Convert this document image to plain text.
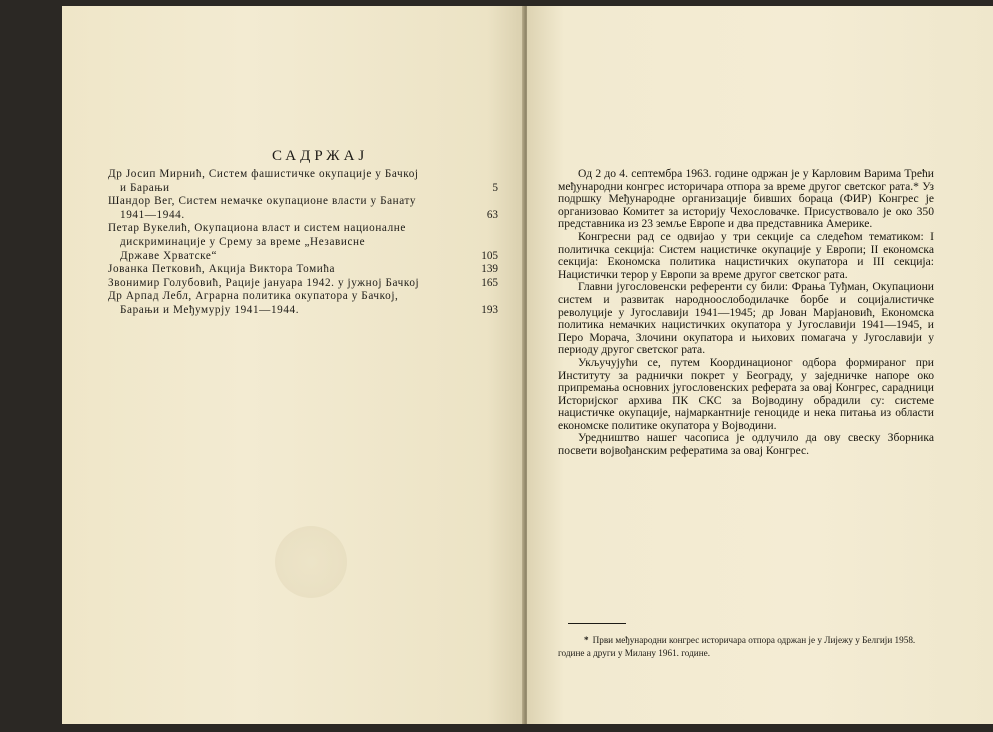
САДРЖАЈ
Др Јосип Мирнић, Систем фашистичке окупације у Бачкој
и Барањи	5
Шандор Вег, Систем немачке окупационе власти у Банату
1941—1944.	63
Петар Вукелић, Окупациона власт и систем националне
дискриминације у Срему за време „Независне
Државе Хрватске“	105
Јованка Петковић, Акција Виктора Томића	139
Звонимир Голубовић, Рације јануара 1942. у јужној Бачкој	165
Др Арпад Лебл, Аграрна политика окупатора у Бачкој,
Барањи и Међумурју 1941—1944.	193

Од 2 до 4. септембра 1963. године одржан је у Карловим Варима Трећи међународни конгрес историчара отпора за време другог светског рата.* Уз подршку Међународне организације бивших бораца (ФИР) Конгрес је организовао Комитет за историју Чехословачке. Присуствовало је око 350 представника из 23 земље Европе и два представника Америке.

Конгресни рад се одвијао у три секције са следећом тематиком: I политичка секција: Систем нацистичке окупације у Европи; II економска секција: Економска политика нацистичких окупатора и III секција: Нацистички терор у Европи за време другог светског рата.

Главни југословенски референти су били: Фрања Туђман, Окупациони систем и развитак народноослободилачке борбе и социјалистичке револуције у Југославији 1941—1945; др Јован Марјановић, Економска политика немачких нацистичких окупатора у Југославији 1941—1945, и Перо Морача, Злочини окупатора и њихових помагача у Југославији у периоду другог светског рата.

Укључујући се, путем Координационог одбора формираног при Институту за раднички покрет у Београду, у заједничке напоре око припремања основних југословенских реферата за овај Конгрес, сарадници Историјског архива ПК СКС за Војводину обрадили су: системе нацистичке окупације, најмаркантније геноциде и нека питања из области економске политике окупатора у Војводини.

Уредништво нашег часописа је одлучило да ову свеску Зборника посвети војвођанским рефератима за овај Конгрес.

* Први међународни конгрес историчара отпора одржан је у Лијежу у Белгији 1958. године а други у Милану 1961. године.
